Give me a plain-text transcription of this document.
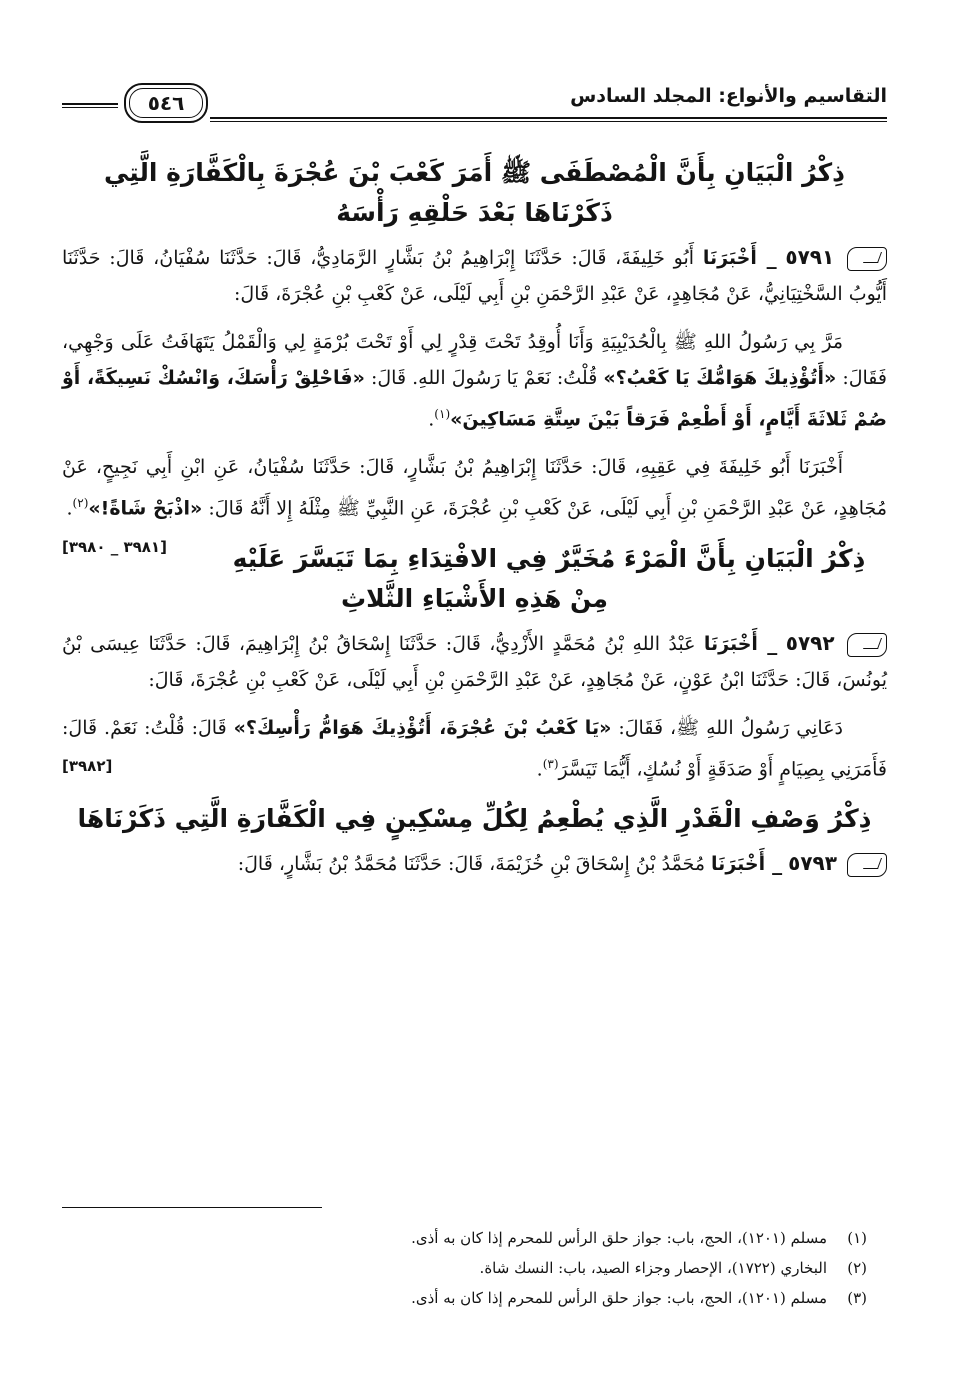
التقاسيم والأنواع: المجلد السادس
٥٤٦
ذِكْرُ الْبَيَانِ بِأَنَّ الْمُصْطَفَى ﷺ أَمَرَ كَعْبَ بْنَ عُجْرَةَ بِالْكَفَّارَةِ الَّتِي ذَكَرْنَاهَا بَعْدَ حَلْقِهِ رَأْسَهُ

٥٧٩١ _ أَخْبَرَنَا أَبُو خَلِيفَةَ، قَالَ: حَدَّثَنَا إِبْرَاهِيمُ بْنُ بَشَّارٍ الرَّمَادِيُّ، قَالَ: حَدَّثَنَا سُفْيَانُ، قَالَ: حَدَّثَنَا أَيُّوبُ السَّخْتِيَانِيُّ، عَنْ مُجَاهِدٍ، عَنْ عَبْدِ الرَّحْمَنِ بْنِ أَبِي لَيْلَى، عَنْ كَعْبِ بْنِ عُجْرَةَ، قَالَ:

مَرَّ بِي رَسُولُ اللهِ ﷺ بِالْحُدَيْبِيَةِ وَأَنَا أُوقِدُ تَحْتَ قِدْرٍ لِي أَوْ تَحْتَ بُرْمَةٍ لِي وَالْقَمْلُ يَتَهَافَتُ عَلَى وَجْهِي، فَقَالَ: «أَتُؤْذِيكَ هَوَامُّكَ يَا كَعْبُ؟» قُلْتُ: نَعَمْ يَا رَسُولَ اللهِ. قَالَ: «فَاحْلِقْ رَأْسَكَ، وَانْسُكْ نَسِيكَةً، أَوْ صُمْ ثَلاثَةَ أَيَّامٍ، أَوْ أَطْعِمْ فَرَقاً بَيْنَ سِتَّةِ مَسَاكِينَ»$^{(١)}$.

أَخْبَرَنَا أَبُو خَلِيفَةَ فِي عَقِبِهِ، قَالَ: حَدَّثَنَا إِبْرَاهِيمُ بْنُ بَشَّارٍ، قَالَ: حَدَّثَنَا سُفْيَانُ، عَنِ ابْنِ أَبِي نَجِيحٍ، عَنْ مُجَاهِدٍ، عَنْ عَبْدِ الرَّحْمَنِ بْنِ أَبِي لَيْلَى، عَنْ كَعْبِ بْنِ عُجْرَةَ، عَنِ النَّبِيِّ ﷺ مِثْلَهُ إِلا أَنَّهُ قَالَ: «اذْبَحْ شَاةً!»$^{(٢)}$.
[٣٩٨١ _ ٣٩٨٠]	ذِكْرُ الْبَيَانِ بِأَنَّ الْمَرْءَ مُخَيَّرٌ فِي الافْتِدَاءِ بِمَا تَيَسَّرَ عَلَيْهِ مِنْ هَذِهِ الأَشْيَاءِ الثَّلاثِ

٥٧٩٢ _ أَخْبَرَنَا عَبْدُ اللهِ بْنُ مُحَمَّدٍ الأَزْدِيُّ، قَالَ: حَدَّثَنَا إِسْحَاقُ بْنُ إِبْرَاهِيمَ، قَالَ: حَدَّثَنَا عِيسَى بْنُ يُونُسَ، قَالَ: حَدَّثَنَا ابْنُ عَوْنٍ، عَنْ مُجَاهِدٍ، عَنْ عَبْدِ الرَّحْمَنِ بْنِ أَبِي لَيْلَى، عَنْ كَعْبِ بْنِ عُجْرَةَ، قَالَ:

دَعَانِي رَسُولُ اللهِ ﷺ، فَقَالَ: «يَا كَعْبُ بْنَ عُجْرَةَ، أَتُؤْذِيكَ هَوَامُّ رَأْسِكَ؟» قَالَ: قُلْتُ: نَعَمْ. قَالَ: فَأَمَرَنِي بِصِيَامٍ أَوْ صَدَقَةٍ أَوْ نُسُكٍ، أَيُّمَا تَيَسَّرَ$^{(٣)}$.
[٣٩٨٢]

ذِكْرُ وَصْفِ الْقَدْرِ الَّذِي يُطْعِمُ لِكُلِّ مِسْكِينٍ فِي الْكَفَّارَةِ الَّتِي ذَكَرْنَاهَا

٥٧٩٣ _ أَخْبَرَنَا مُحَمَّدُ بْنُ إِسْحَاقَ بْنِ خُزَيْمَةَ، قَالَ: حَدَّثَنَا مُحَمَّدُ بْنُ بَشَّارٍ، قَالَ:

(١)
مسلم (١٢٠١)، الحج، باب: جواز حلق الرأس للمحرم إذا كان به أذى.
(٢)
البخاري (١٧٢٢)، الإحصار وجزاء الصيد، باب: النسك شاة.
(٣)
مسلم (١٢٠١)، الحج، باب: جواز حلق الرأس للمحرم إذا كان به أذى.
